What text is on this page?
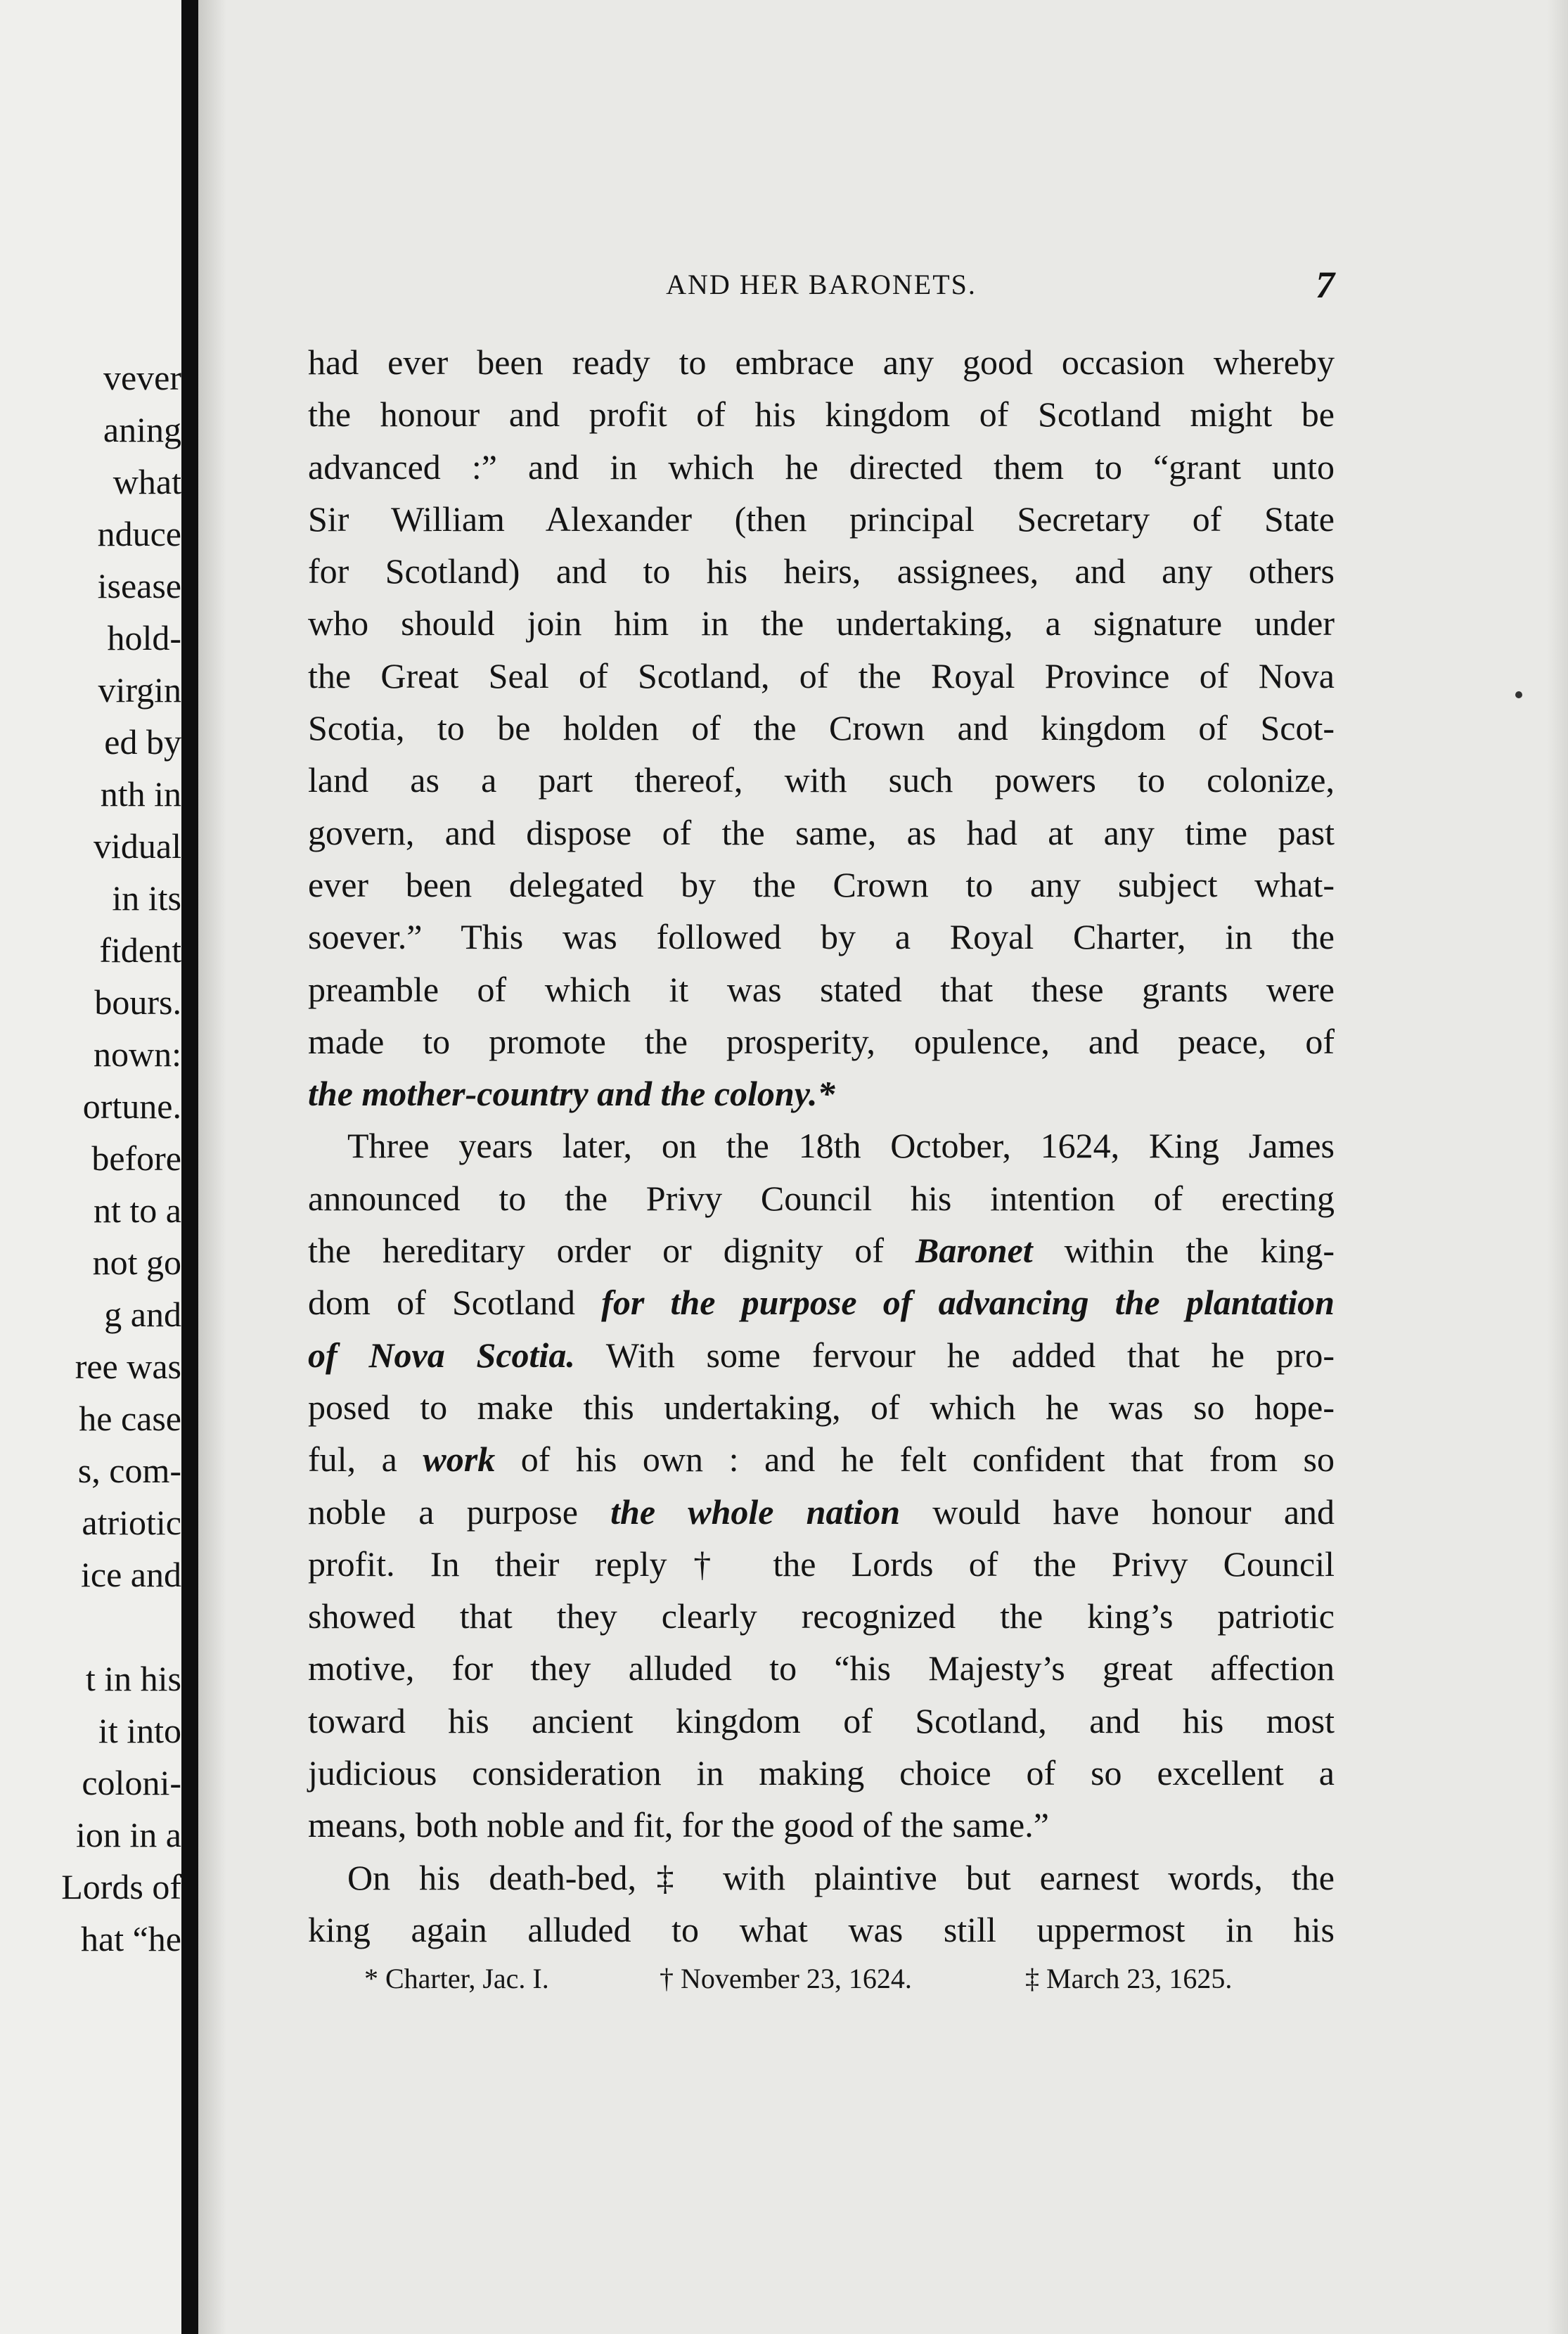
vever
aning
what
nduce
isease
hold-
virgin
ed by
nth in
vidual
in its
fident
bours.
nown:
ortune.
before
nt to a
not go
g and
ree was
he case
s, com-
atriotic
ice and
t in his
it into
coloni-
ion in a
Lords of
hat “he
AND HER BARONETS.	7
had ever been ready to embrace any good occasion whereby
the honour and profit of his kingdom of Scotland might be
advanced :” and in which he directed them to “grant unto
Sir William Alexander (then principal Secretary of State
for Scotland) and to his heirs, assignees, and any others
who should join him in the undertaking, a signature under
the Great Seal of Scotland, of the Royal Province of Nova
Scotia, to be holden of the Crown and kingdom of Scot-
land as a part thereof, with such powers to colonize,
govern, and dispose of the same, as had at any time past
ever been delegated by the Crown to any subject what-
soever.” This was followed by a Royal Charter, in the
preamble of which it was stated that these grants were
made to promote the prosperity, opulence, and peace, of
the mother-country and the colony.*
Three years later, on the 18th October, 1624, King James
announced to the Privy Council his intention of erecting
the hereditary order or dignity of Baronet within the king-
dom of Scotland for the purpose of advancing the plantation
of Nova Scotia. With some fervour he added that he pro-
posed to make this undertaking, of which he was so hope-
ful, a work of his own : and he felt confident that from so
noble a purpose the whole nation would have honour and
profit. In their reply† the Lords of the Privy Council
showed that they clearly recognized the king’s patriotic
motive, for they alluded to “his Majesty’s great affection
toward his ancient kingdom of Scotland, and his most
judicious consideration in making choice of so excellent a
means, both noble and fit, for the good of the same.”
On his death-bed,‡ with plaintive but earnest words, the
king again alluded to what was still uppermost in his
* Charter, Jac. I.	† November 23, 1624.	‡ March 23, 1625.
